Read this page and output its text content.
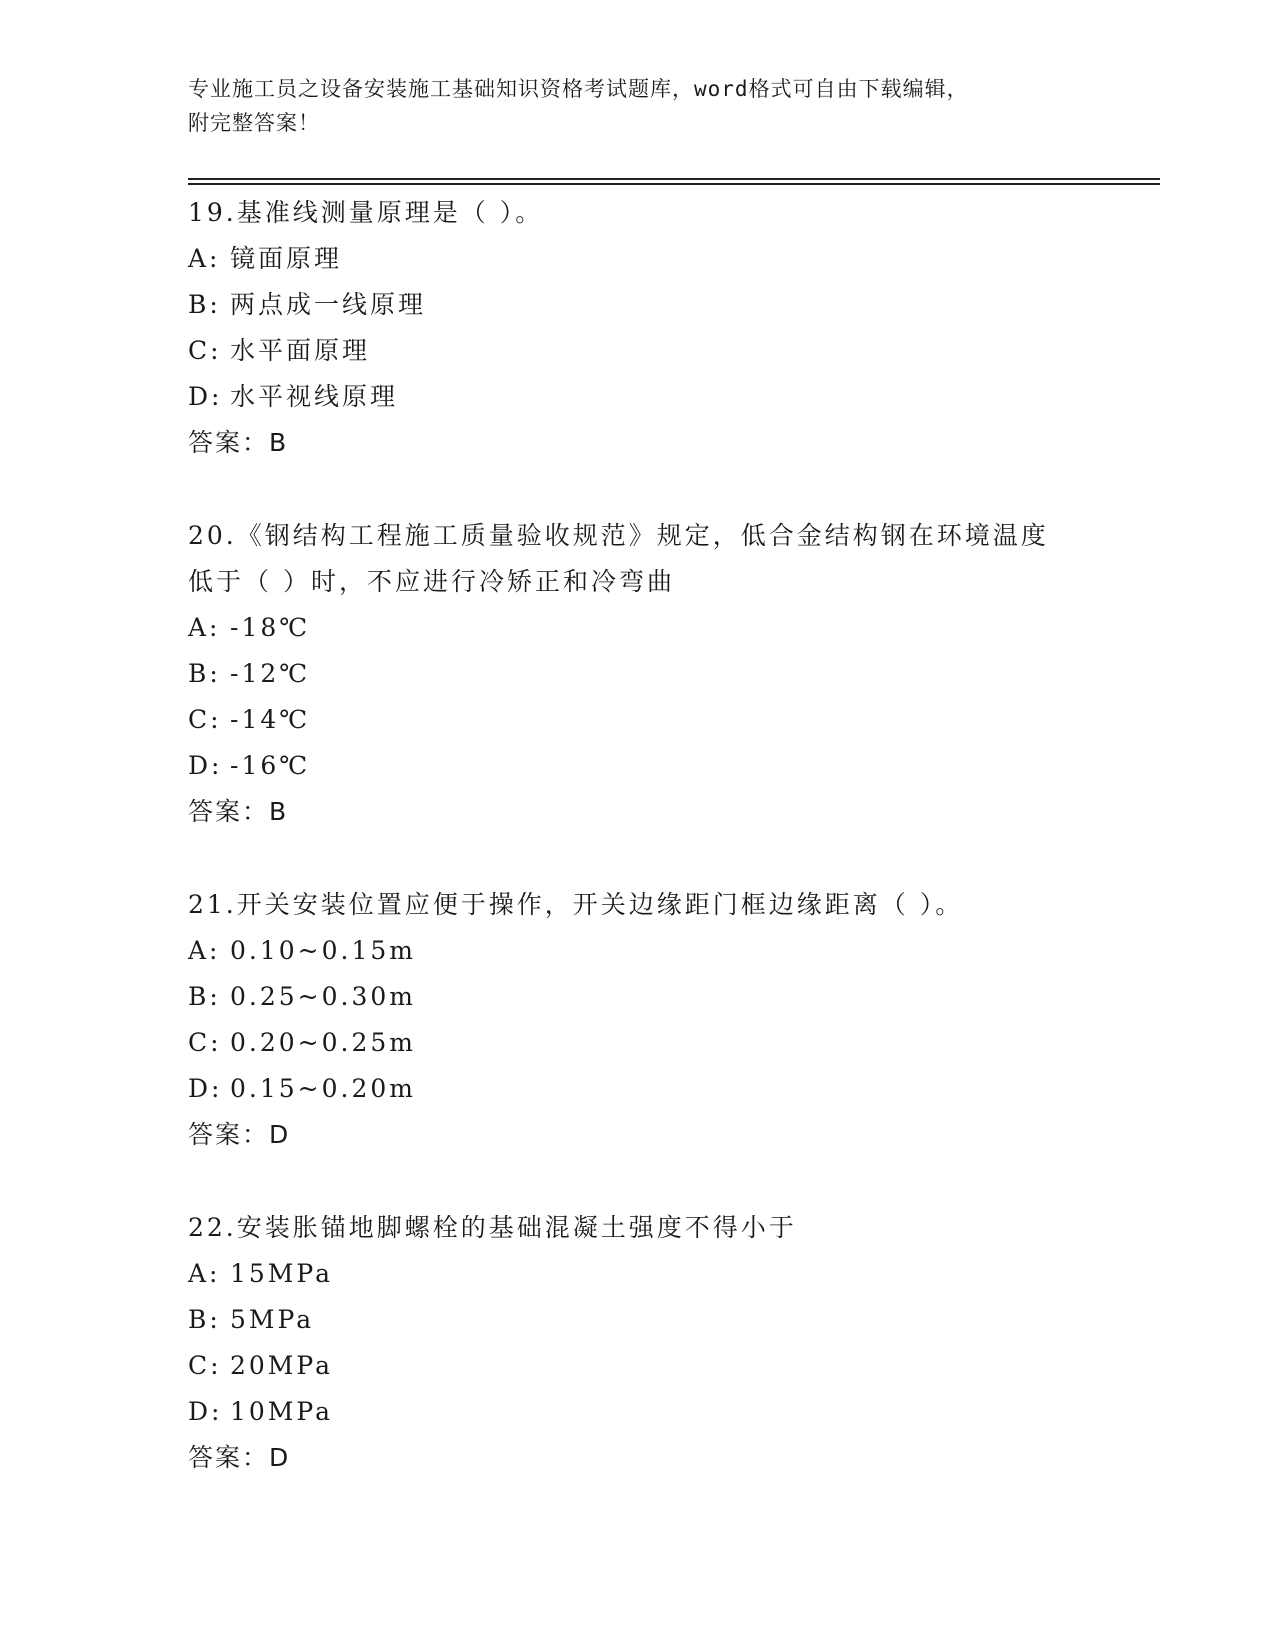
专业施工员之设备安装施工基础知识资格考试题库，word格式可自由下载编辑，
附完整答案！

19.基准线测量原理是（ ）。

A: 镜面原理

B: 两点成一线原理

C: 水平面原理

D: 水平视线原理

答案：B

20.《钢结构工程施工质量验收规范》规定，低合金结构钢在环境温度

低于（ ）时，不应进行冷矫正和冷弯曲

A: -18℃

B: -12℃

C: -14℃

D: -16℃

答案：B

21.开关安装位置应便于操作，开关边缘距门框边缘距离（ ）。

A: 0.10~0.15m

B: 0.25~0.30m

C: 0.20~0.25m

D: 0.15~0.20m

答案：D

22.安装胀锚地脚螺栓的基础混凝土强度不得小于

A: 15MPa

B: 5MPa

C: 20MPa

D: 10MPa

答案：D
